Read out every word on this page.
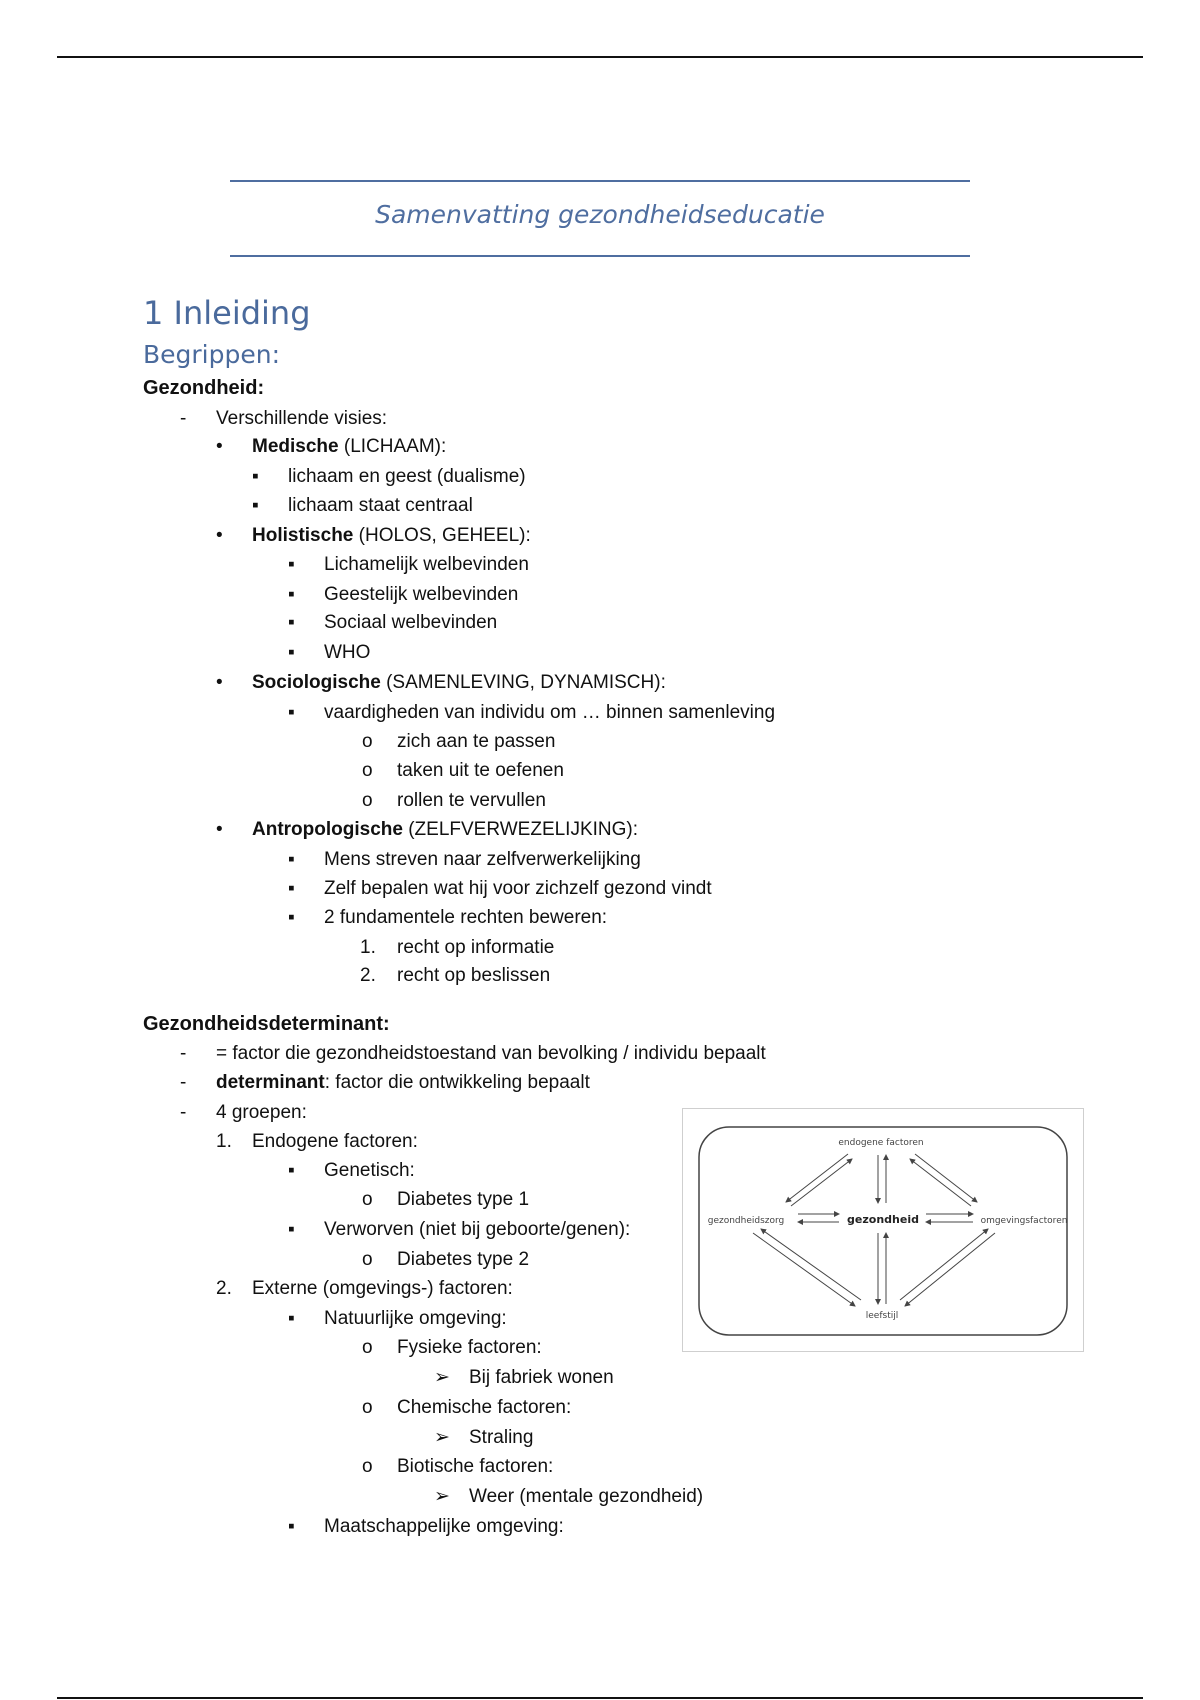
Samenvatting gezondheidseducatie
1 Inleiding
Begrippen:
Gezondheid:
- Verschillende visies:
• Medische (LICHAAM):
▪ lichaam en geest (dualisme)
▪ lichaam staat centraal
• Holistische (HOLOS, GEHEEL):
▪ Lichamelijk welbevinden
▪ Geestelijk welbevinden
▪ Sociaal welbevinden
▪ WHO
• Sociologische (SAMENLEVING, DYNAMISCH):
▪ vaardigheden van individu om … binnen samenleving
o zich aan te passen
o taken uit te oefenen
o rollen te vervullen
• Antropologische (ZELFVERWEZELIJKING):
▪ Mens streven naar zelfverwerkelijking
▪ Zelf bepalen wat hij voor zichzelf gezond vindt
▪ 2 fundamentele rechten beweren:
1. recht op informatie
2. recht op beslissen
Gezondheidsdeterminant:
- = factor die gezondheidstoestand van bevolking / individu bepaalt
- determinant: factor die ontwikkeling bepaalt
- 4 groepen:
1. Endogene factoren:
▪ Genetisch:
o Diabetes type 1
▪ Verworven (niet bij geboorte/genen):
o Diabetes type 2
2. Externe (omgevings-) factoren:
▪ Natuurlijke omgeving:
o Fysieke factoren:
➢ Bij fabriek wonen
o Chemische factoren:
➢ Straling
o Biotische factoren:
➢ Weer (mentale gezondheid)
▪ Maatschappelijke omgeving:
endogene factoren
gezondheidszorg	gezondheid	omgevingsfactoren
leefstijl
